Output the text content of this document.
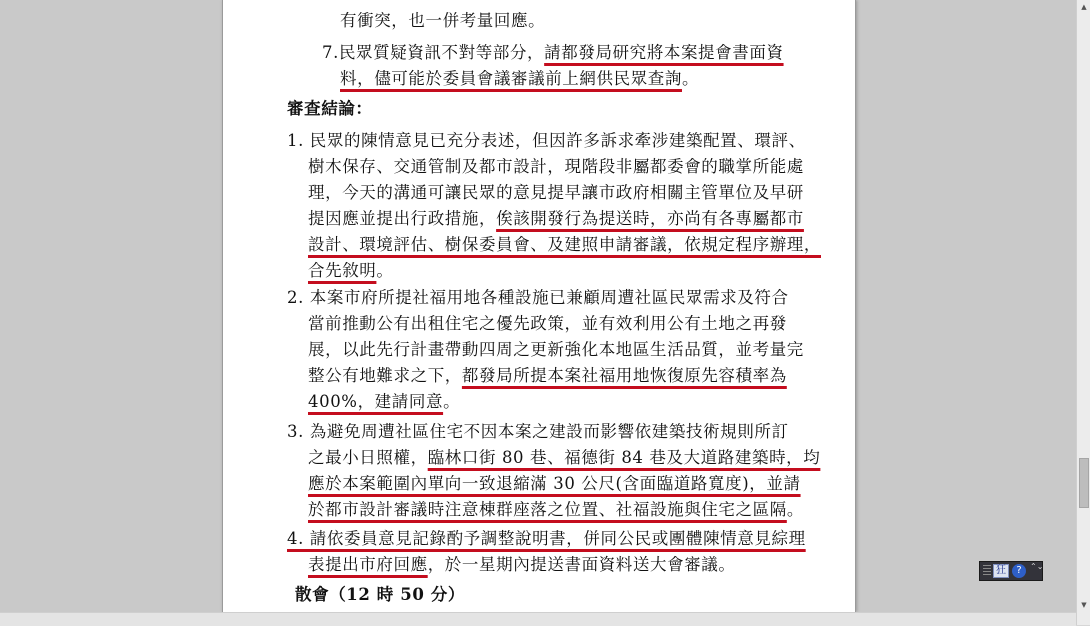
有衝突，也一併考量回應。
7.民眾質疑資訊不對等部分，請都發局研究將本案提會書面資
料，儘可能於委員會議審議前上網供民眾查詢。
審查結論：
1. 民眾的陳情意見已充分表述，但因許多訴求牽涉建築配置、環評、
樹木保存、交通管制及都市設計，現階段非屬都委會的職掌所能處
理，今天的溝通可讓民眾的意見提早讓市政府相關主管單位及早研
提因應並提出行政措施，俟該開發行為提送時，亦尚有各專屬都市
設計、環境評估、樹保委員會、及建照申請審議，依規定程序辦理，
合先敘明。
2. 本案市府所提社福用地各種設施已兼顧周遭社區民眾需求及符合
當前推動公有出租住宅之優先政策，並有效利用公有土地之再發
展，以此先行計畫帶動四周之更新強化本地區生活品質，並考量完
整公有地難求之下，都發局所提本案社福用地恢復原先容積率為
400%，建請同意。
3. 為避免周遭社區住宅不因本案之建設而影響依建築技術規則所訂
之最小日照權，臨林口街 80 巷、福德街 84 巷及大道路建築時，均
應於本案範圍內單向一致退縮滿 30 公尺(含面臨道路寬度)，並請
於都市設計審議時注意棟群座落之位置、社福設施與住宅之區隔。
4. 請依委員意見記錄酌予調整說明書，併同公民或團體陳情意見綜理
表提出市府回應，於一星期內提送書面資料送大會審議。
散會（12 時 50 分）
▲
▼
狂	?	⌃⌄
